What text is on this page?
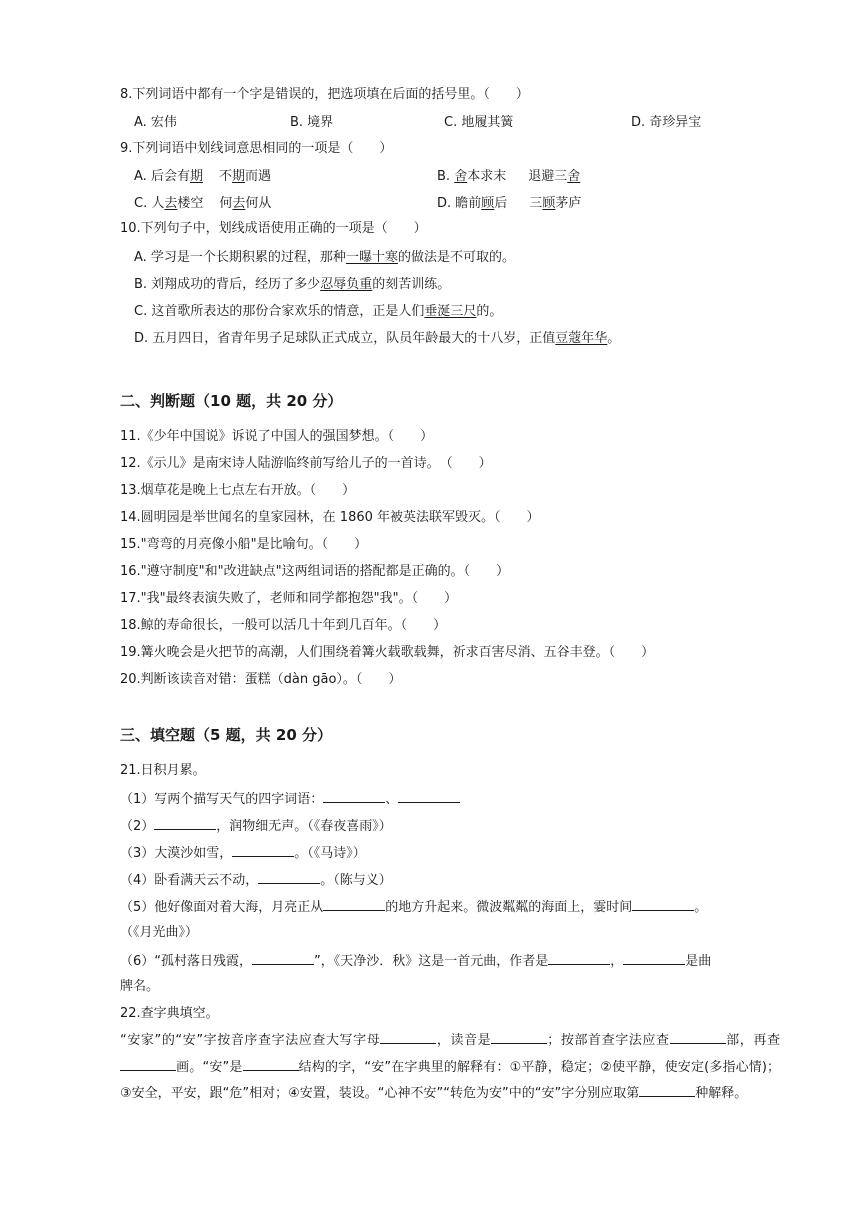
8.下列词语中都有一个字是错误的，把选项填在后面的括号里。（　　）
A. 宏伟	B. 境界	C. 地履其簧	D. 奇珍异宝
9.下列词语中划线词意思相同的一项是（　　）
A. 后会有期 不期而遇	B. 舍本求末 退避三舍
C. 人去楼空 何去何从	D. 瞻前顾后 三顾茅庐
10.下列句子中，划线成语使用正确的一项是（　　）
A. 学习是一个长期积累的过程，那种一曝十寒的做法是不可取的。
B. 刘翔成功的背后，经历了多少忍辱负重的刻苦训练。
C. 这首歌所表达的那份合家欢乐的情意，正是人们垂涎三尺的。
D. 五月四日，省青年男子足球队正式成立，队员年龄最大的十八岁，正值豆蔻年华。
二、判断题（10 题，共 20 分）
11.《少年中国说》诉说了中国人的强国梦想。（　　）
12.《示儿》是南宋诗人陆游临终前写给儿子的一首诗。　（　　）
13.烟草花是晚上七点左右开放。（　　）
14.圆明园是举世闻名的皇家园林，在 1860 年被英法联军毁灭。（　　）
15."弯弯的月亮像小船"是比喻句。（　　）
16."遵守制度"和"改进缺点"这两组词语的搭配都是正确的。（　　）
17."我"最终表演失败了，老师和同学都抱怨"我"。（　　）
18.鲸的寿命很长，一般可以活几十年到几百年。（　　）
19.篝火晚会是火把节的高潮，人们围绕着篝火载歌载舞，祈求百害尽消、五谷丰登。（　　）
20.判断该读音对错：蛋糕（dàn gāo）。（　　）
三、填空题（5 题，共 20 分）
21.日积月累。
（1）写两个描写天气的四字词语：	、
（2）	，润物细无声。（《春夜喜雨》）
（3）大漠沙如雪，	。（《马诗》）
（4）卧看满天云不动，	。（陈与义）
（5）他好像面对着大海，月亮正从	的地方升起来。微波粼粼的海面上，霎时间	。
（《月光曲》）
（6）“孤村落日残霞，	”，《天净沙．秋》这是一首元曲，作者是	，	是曲
牌名。
22.查字典填空。
“安家”的“安”字按音序查字法应查大写字母	，读音是	；按部首查字法应查	部，再查画。“安”是	结构的字，“安”在字典里的解释有：①平静，稳定；②使平静，使安定(多指心情)；③安全，平安，跟“危”相对；④安置，装设。“心神不安”“转危为安”中的“安”字分别应取第	种解释。
